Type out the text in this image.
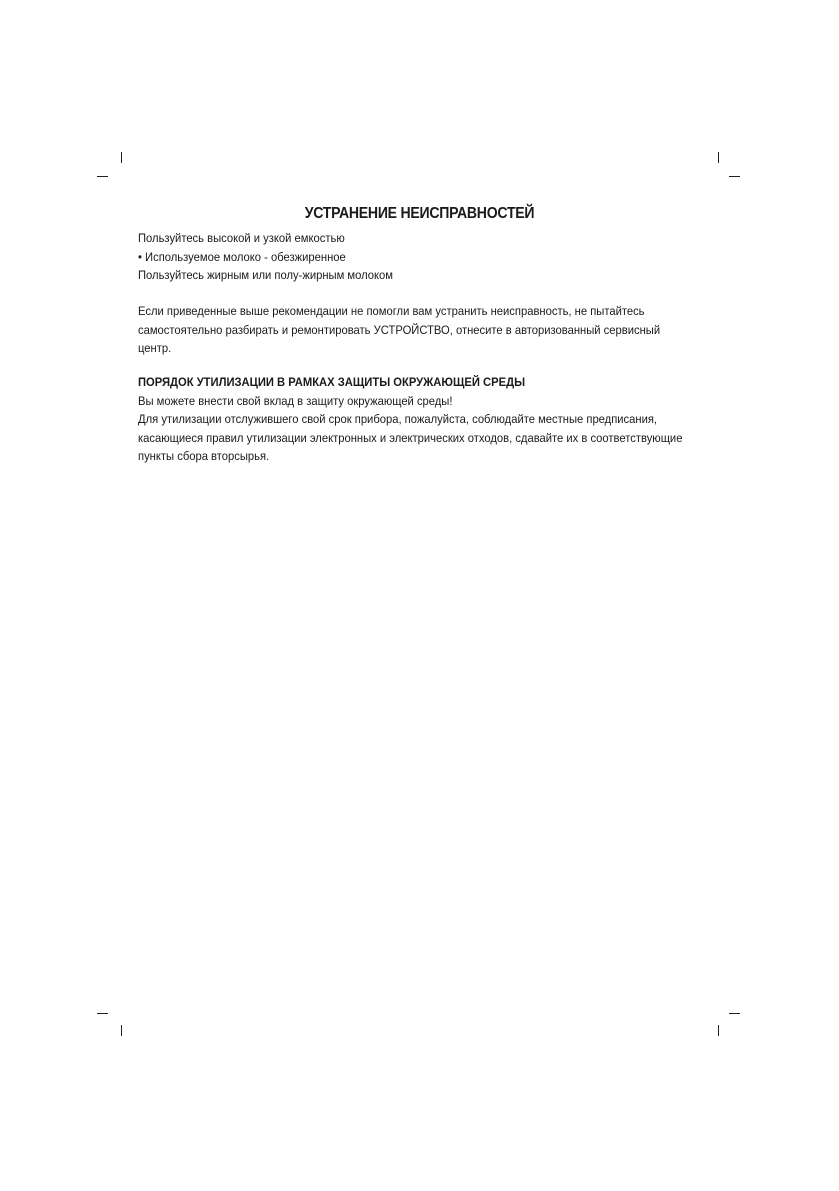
УСТРАНЕНИЕ НЕИСПРАВНОСТЕЙ

Пользуйтесь высокой и узкой емкостью

• Используемое молоко - обезжиренное

Пользуйтесь жирным или полу-жирным молоком

Если приведенные выше рекомендации не помогли вам устранить неисправность, не пытайтесь

самостоятельно разбирать и ремонтировать УСТРОЙСТВО, отнесите в авторизованный сервисный

центр.

ПОРЯДОК УТИЛИЗАЦИИ В РАМКАХ ЗАЩИТЫ ОКРУЖАЮЩЕЙ СРЕДЫ

Вы можете внести свой вклад в защиту окружающей среды!

Для утилизации отслужившего свой срок прибора, пожалуйста, соблюдайте местные предписания,

касающиеся правил утилизации электронных и электрических отходов, сдавайте их в соответствующие

пункты сбора вторсырья.
